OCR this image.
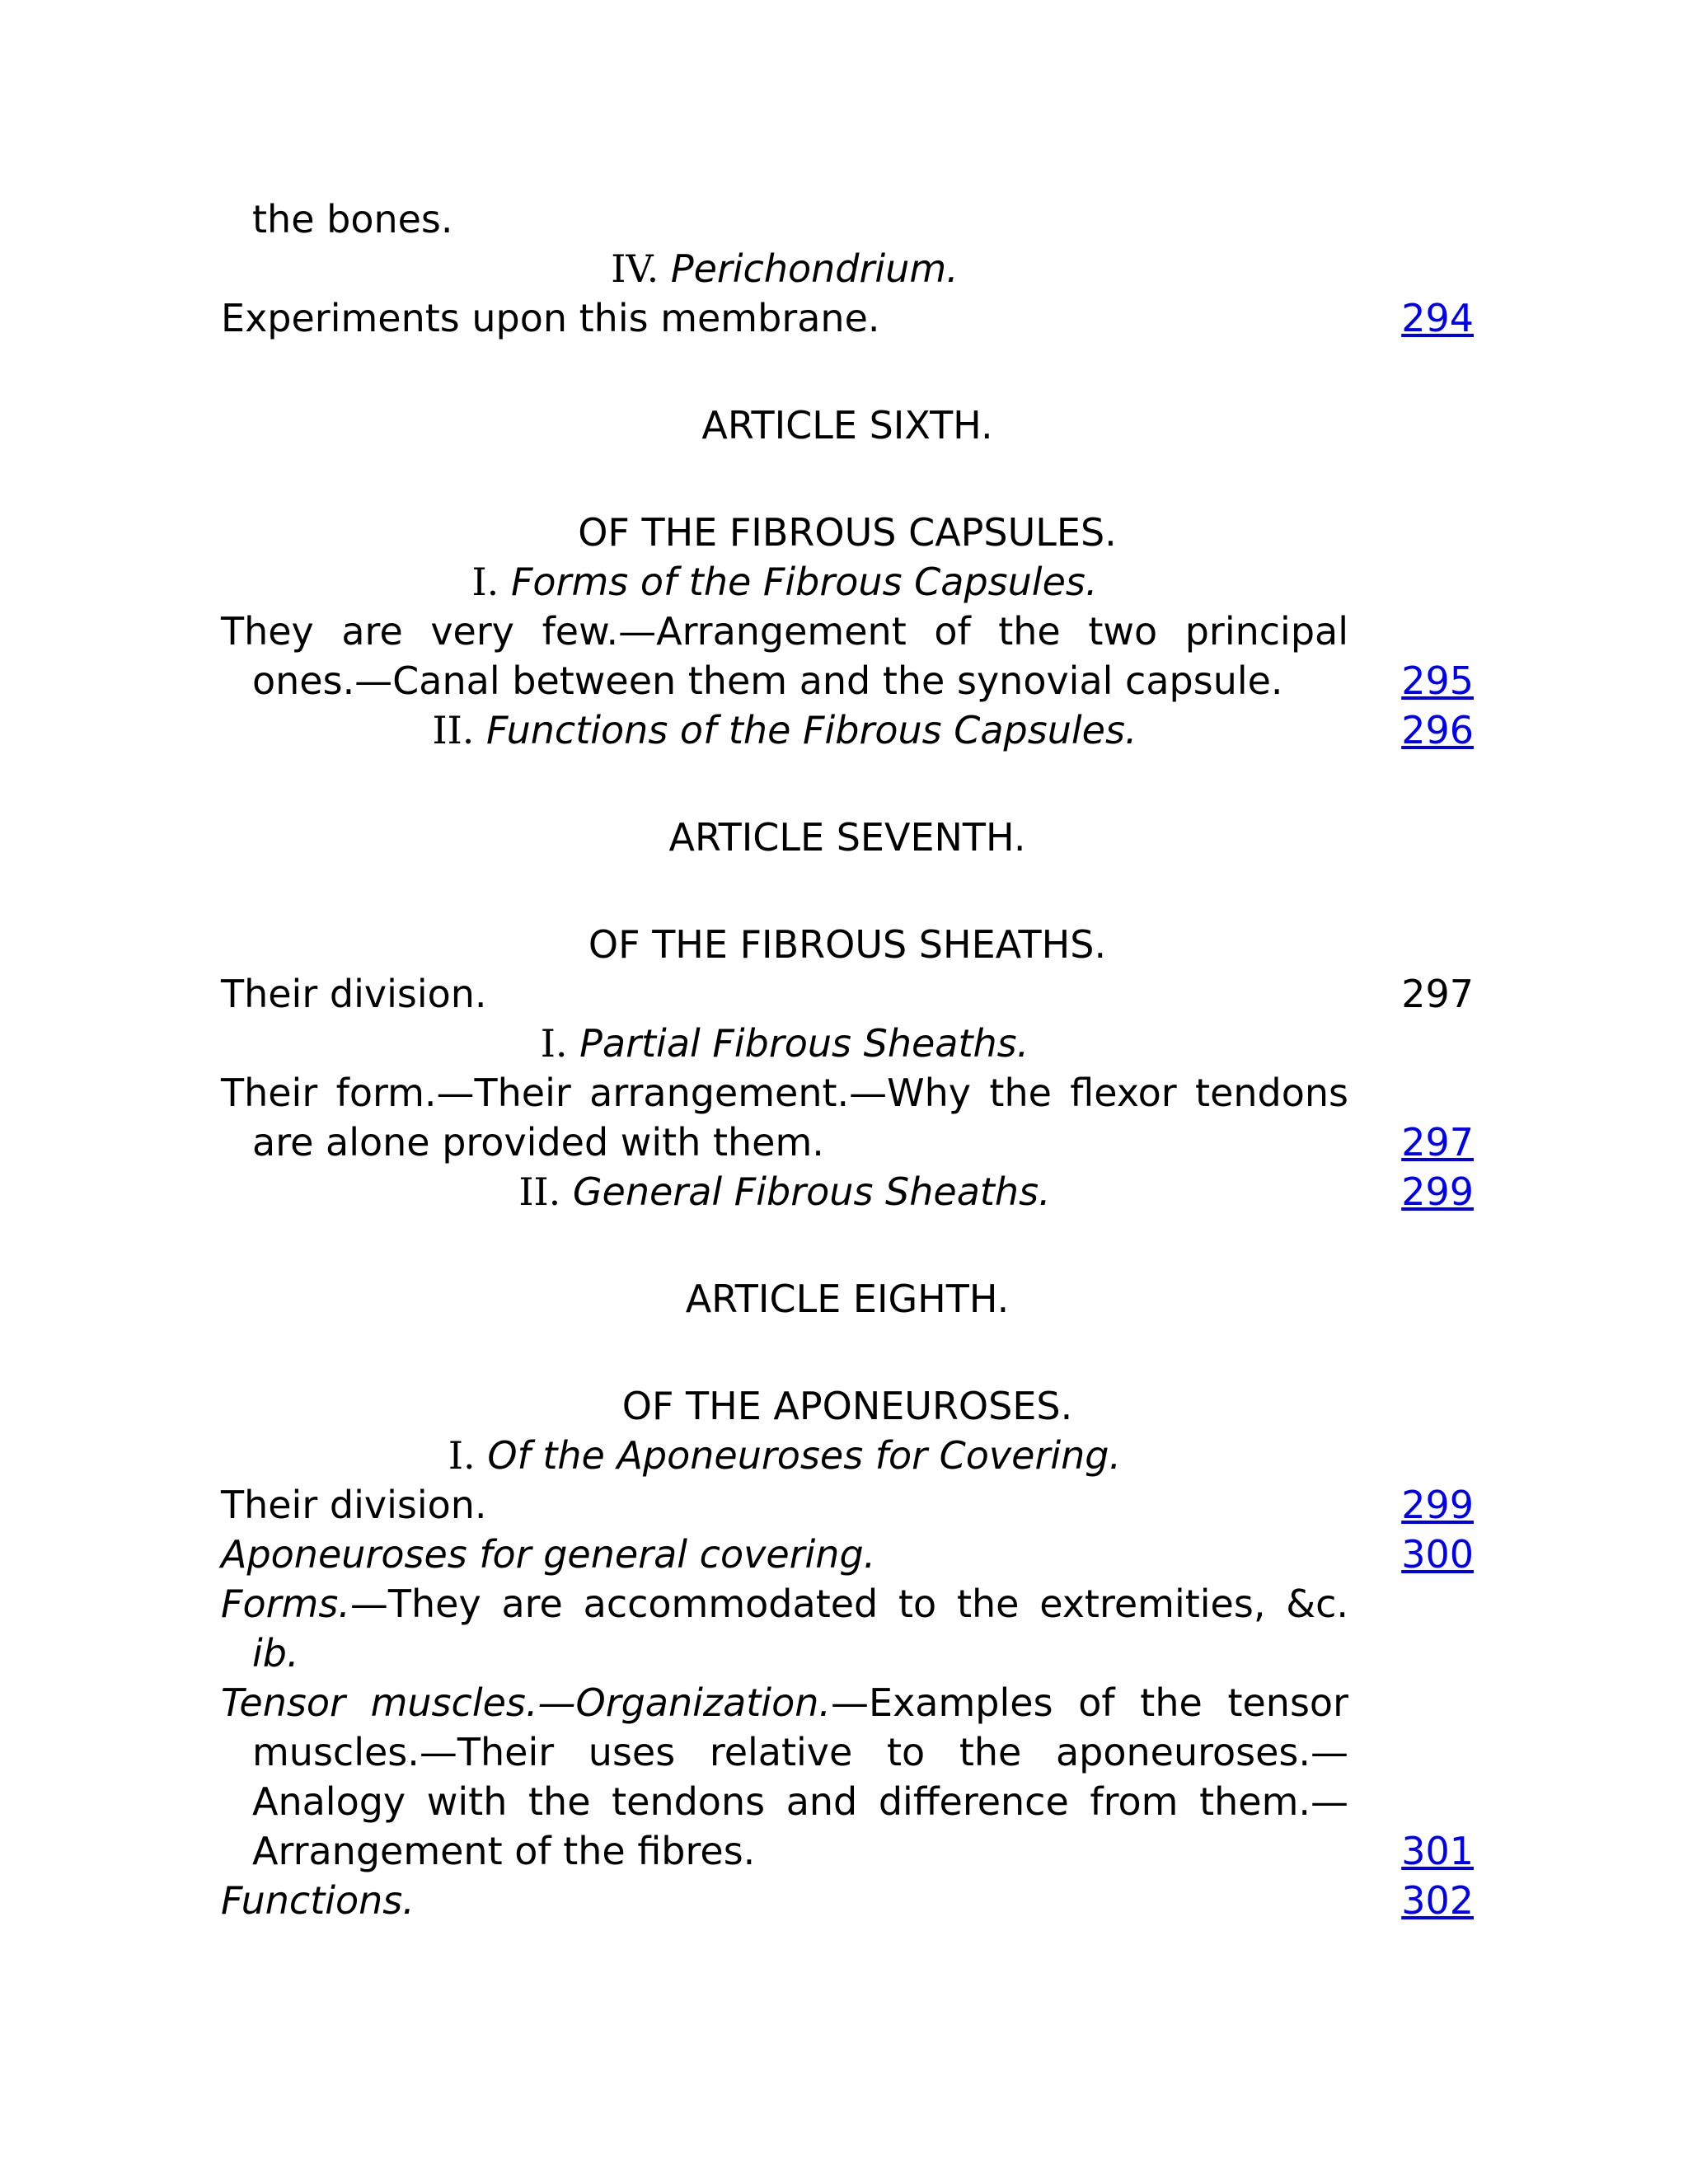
the bones.
IV. Perichondrium.
Experiments upon this membrane.	294
ARTICLE SIXTH.
OF THE FIBROUS CAPSULES.
I. Forms of the Fibrous Capsules.
They are very few.—Arrangement of the two principal ones.—Canal between them and the synovial capsule.	295
II. Functions of the Fibrous Capsules.	296
ARTICLE SEVENTH.
OF THE FIBROUS SHEATHS.
Their division.	297
I. Partial Fibrous Sheaths.
Their form.—Their arrangement.—Why the flexor tendons are alone provided with them.	297
II. General Fibrous Sheaths.	299
ARTICLE EIGHTH.
OF THE APONEUROSES.
I. Of the Aponeuroses for Covering.
Their division.	299
Aponeuroses for general covering.	300
Forms.—They are accommodated to the extremities, &c. ib.
Tensor muscles.—Organization.—Examples of the tensor muscles.—Their uses relative to the aponeuroses.—Analogy with the tendons and difference from them.—Arrangement of the fibres.	301
Functions.	302
